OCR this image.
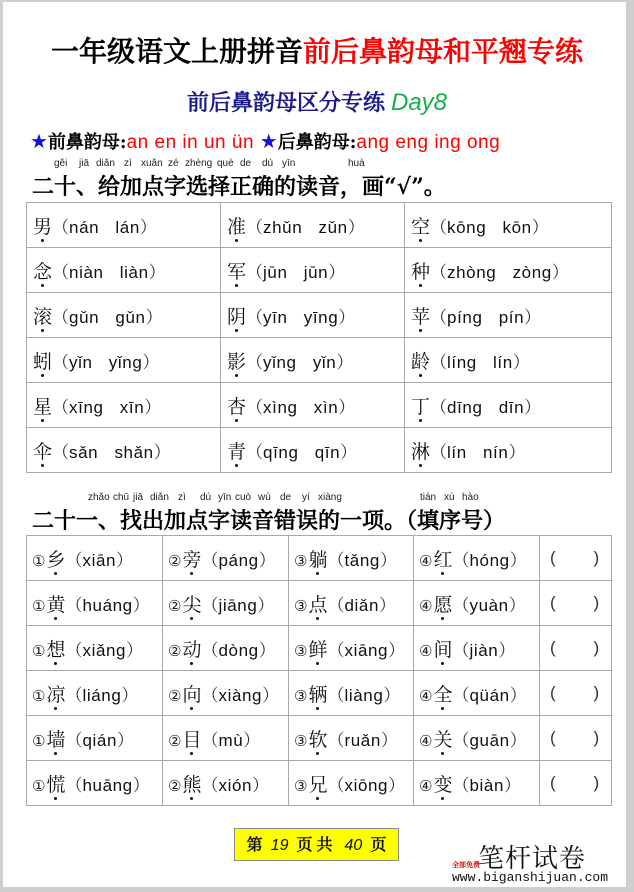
一年级语文上册拼音前后鼻韵母和平翘专练
前后鼻韵母区分专练 Day8
★前鼻韵母:an en in un ün ★后鼻韵母:ang eng ing ong
gěi jiā diǎn zì xuǎn zé zhèng què de dú yīn	huà
二十、给加点字选择正确的读音，画“√”。
男（nán lán）	准（zhǔn zǔn）	空（kōng kōn）
念（niàn liàn）	军（jūn jūn）	种（zhòng zòng）
滚（gǔn gǔn）	阴（yīn yīng）	苹（píng pín）
蚓（yǐn yǐng）	影（yǐng yǐn）	龄（líng lín）
星（xīng xīn）	杏（xìng xìn）	丁（dīng dīn）
伞（sǎn shǎn）	青（qīng qīn）	淋（lín nín）
zhǎo chū jiā diǎn zì dú yīn cuò wù de yí xiàng	tián xù hào
二十一、找出加点字读音错误的一项。（填序号）
①乡（xiān）	②旁（páng）	③躺（tǎng）	④红（hóng）	(        )
①黄（huáng）	②尖（jiāng）	③点（diǎn）	④愿（yuàn）	(        )
①想（xiǎng）	②动（dòng）	③鲜（xiāng）	④间（jiàn）	(        )
①凉（liáng）	②向（xiàng）	③辆（liàng）	④全（qüán）	(        )
①墙（qián）	②目（mù）	③软（ruǎn）	④关（guān）	(        )
①慌（huāng）	②熊（xión）	③兄（xiōng）	④变（biàn）	(        )
第 19 页 共 40 页	笔杆试卷
全部免费
www.biganshijuan.com
